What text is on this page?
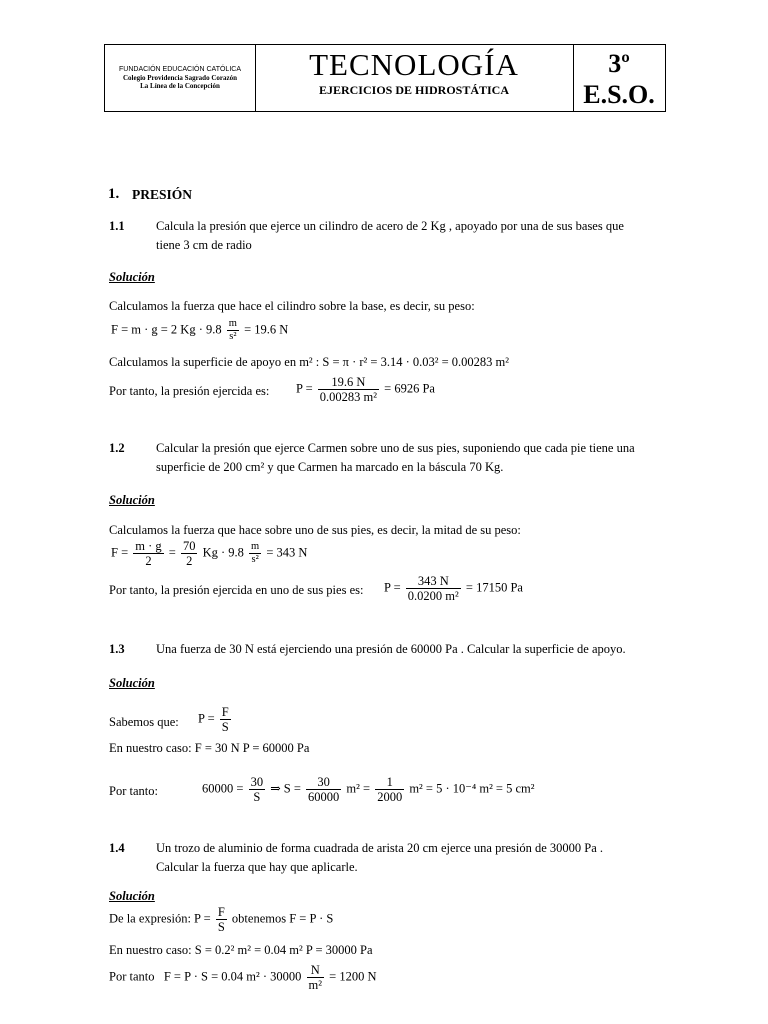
FUNDACIÓN EDUCACIÓN CATÓLICA
Colegio Providencia Sagrado Corazón
La Línea de la Concepción
TECNOLOGÍA
EJERCICIOS DE HIDROSTÁTICA
3º
E.S.O.
1. PRESIÓN
1.1	Calcula la presión que ejerce un cilindro de acero de 2 Kg , apoyado por una de sus bases que
tiene 3 cm de radio
Solución
Calculamos la fuerza que hace el cilindro sobre la base, es decir, su peso:
F = m · g = 2 $Kg \cdot 9.8 \frac{m}{\text{s²}} = 19.6$ N
Calculamos la superficie de apoyo en m² : S = π · r² = 3.14 · 0.03² = 0.00283 m²
Por tanto, la presión ejercida es: $P = \frac{19.6 N}{\text{0.00283 m²}} = 6926$ Pa
1.2	Calcular la presión que ejerce Carmen sobre uno de sus pies, suponiendo que cada pie tiene una
superficie de 200 cm² y que Carmen ha marcado en la báscula 70 Kg.
Solución
Calculamos la fuerza que hace sobre uno de sus pies, es decir, la mitad de su peso:
$F = \frac{m \cdot g}{2} = \frac{70}{2}$ $Kg \cdot 9.8 \frac{m}{\text{s²}} = 343$ N
Por tanto, la presión ejercida en uno de sus pies es: $P = \frac{343 N}{\text{0.0200 m²}} = 17150$ Pa
1.3	Una fuerza de 30 N está ejerciendo una presión de 60000 Pa . Calcular la superficie de apoyo.
Solución
Sabemos que: $P = \frac{F}{S}$
En nuestro caso: F = 30 N P = 60000 Pa
Por tanto:	$60000 = \frac{30}{S}$ ⇒ $S = \frac{30}{60000} m^2 = \frac{1}{2000} m^2 = 5 \cdot 10^{-4}$ m² = 5 cm²
1.4	Un trozo de aluminio de forma cuadrada de arista 20 cm ejerce una presión de 30000 Pa .
Calcular la fuerza que hay que aplicarle.
Solución
De la expresión: $P = \frac{F}{S}$ obtenemos F = P · S
En nuestro caso: S = 0.2² m² = 0.04 m² P = 30000 Pa
Por tanto F = P · S = 0.04 $m^2 \cdot 30000 \frac{N}{\text{m²}} = 1200$ N
